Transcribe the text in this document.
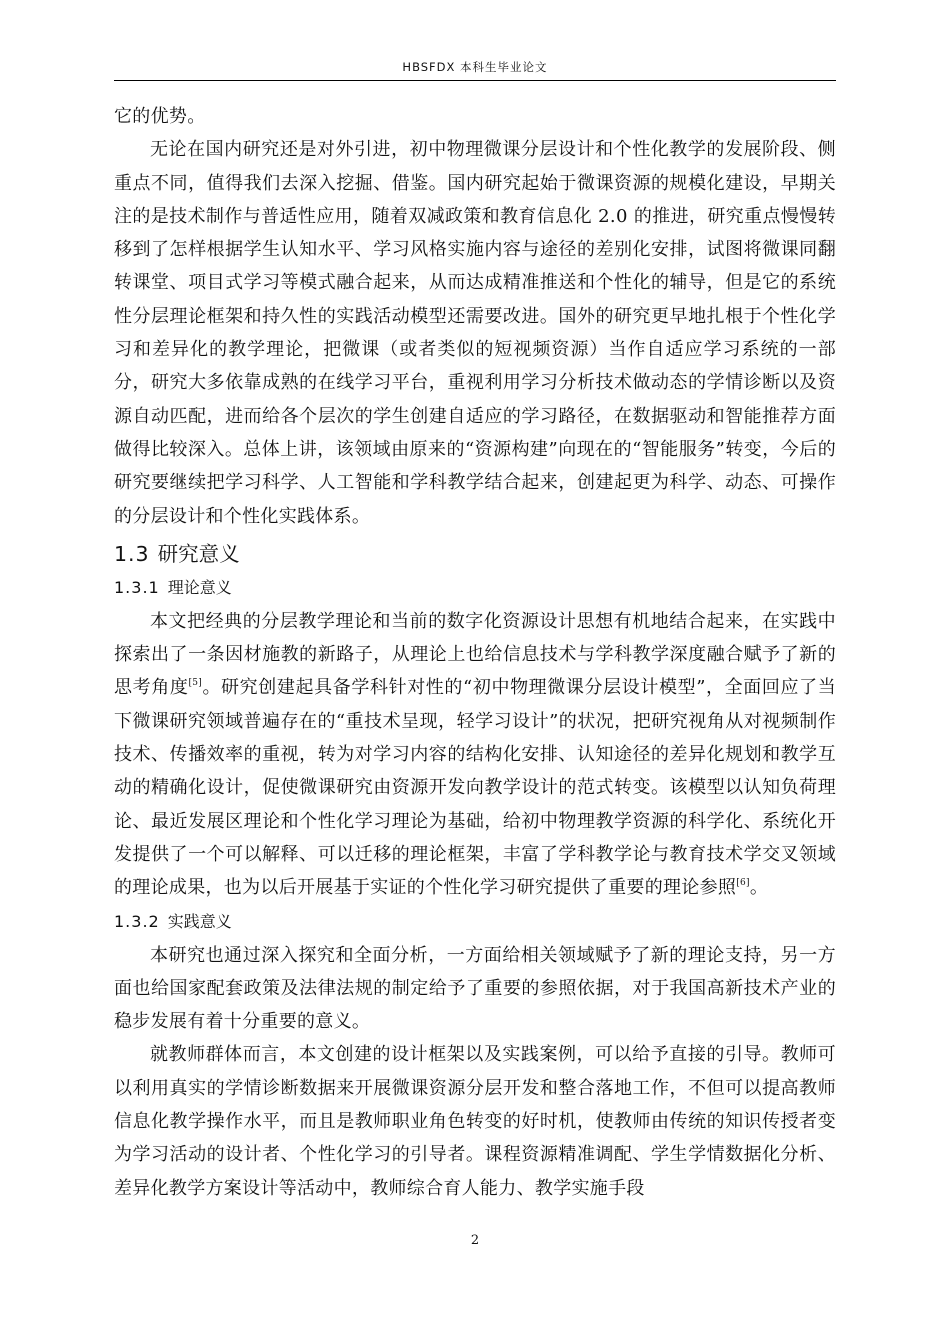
HBSFDX 本科生毕业论文

它的优势。

无论在国内研究还是对外引进，初中物理微课分层设计和个性化教学的发展阶段、侧重点不同，值得我们去深入挖掘、借鉴。国内研究起始于微课资源的规模化建设，早期关注的是技术制作与普适性应用，随着双减政策和教育信息化 2.0 的推进，研究重点慢慢转移到了怎样根据学生认知水平、学习风格实施内容与途径的差别化安排，试图将微课同翻转课堂、项目式学习等模式融合起来，从而达成精准推送和个性化的辅导，但是它的系统性分层理论框架和持久性的实践活动模型还需要改进。国外的研究更早地扎根于个性化学习和差异化的教学理论，把微课（或者类似的短视频资源）当作自适应学习系统的一部分，研究大多依靠成熟的在线学习平台，重视利用学习分析技术做动态的学情诊断以及资源自动匹配，进而给各个层次的学生创建自适应的学习路径，在数据驱动和智能推荐方面做得比较深入。总体上讲，该领域由原来的“资源构建”向现在的“智能服务”转变，今后的研究要继续把学习科学、人工智能和学科教学结合起来，创建起更为科学、动态、可操作的分层设计和个性化实践体系。

1.3 研究意义
1.3.1 理论意义

本文把经典的分层教学理论和当前的数字化资源设计思想有机地结合起来，在实践中探索出了一条因材施教的新路子，从理论上也给信息技术与学科教学深度融合赋予了新的思考角度[5]。研究创建起具备学科针对性的“初中物理微课分层设计模型”，全面回应了当下微课研究领域普遍存在的“重技术呈现，轻学习设计”的状况，把研究视角从对视频制作技术、传播效率的重视，转为对学习内容的结构化安排、认知途径的差异化规划和教学互动的精确化设计，促使微课研究由资源开发向教学设计的范式转变。该模型以认知负荷理论、最近发展区理论和个性化学习理论为基础，给初中物理教学资源的科学化、系统化开发提供了一个可以解释、可以迁移的理论框架，丰富了学科教学论与教育技术学交叉领域的理论成果，也为以后开展基于实证的个性化学习研究提供了重要的理论参照[6]。

1.3.2 实践意义

本研究也通过深入探究和全面分析，一方面给相关领域赋予了新的理论支持，另一方面也给国家配套政策及法律法规的制定给予了重要的参照依据，对于我国高新技术产业的稳步发展有着十分重要的意义。

就教师群体而言，本文创建的设计框架以及实践案例，可以给予直接的引导。教师可以利用真实的学情诊断数据来开展微课资源分层开发和整合落地工作，不但可以提高教师信息化教学操作水平，而且是教师职业角色转变的好时机，使教师由传统的知识传授者变为学习活动的设计者、个性化学习的引导者。课程资源精准调配、学生学情数据化分析、差异化教学方案设计等活动中，教师综合育人能力、教学实施手段

2
